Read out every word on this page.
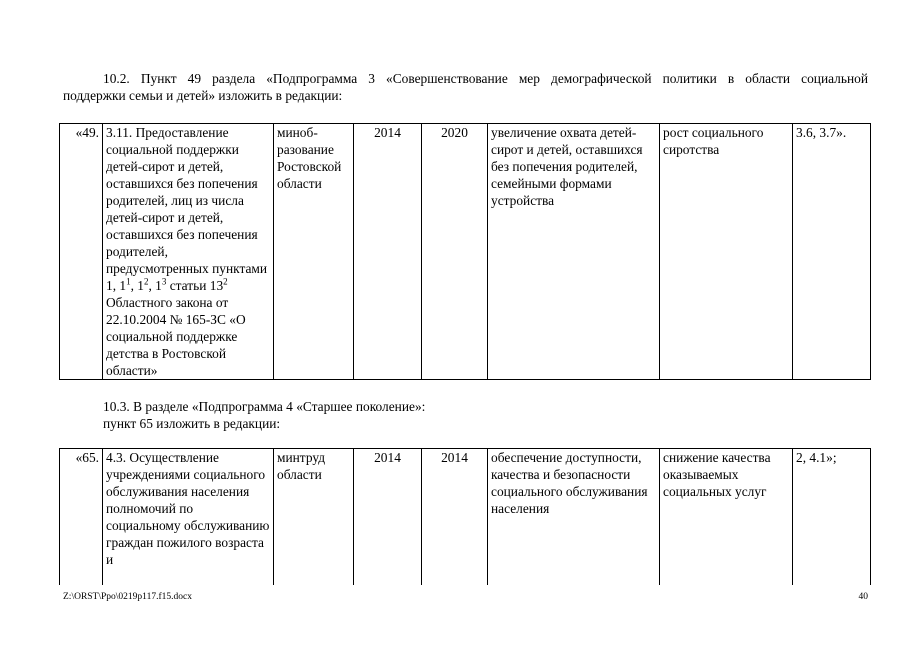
10.2. Пункт 49 раздела «Подпрограмма 3 «Совершенствование мер демографической политики в области социальной
поддержки семьи и детей» изложить в редакции:
«49.	3.11. Предоставление социальной поддержки детей-сирот и детей, оставшихся без попечения родителей, лиц из числа детей-сирот и детей, оставшихся без попечения родителей, предусмотренных пунктами 1, $1^1$, $1^2$, $1^3$ статьи $13^2$ Областного закона от 22.10.2004 № 165-ЗС «О социальной поддержке детства в Ростовской области»	миноб-разование Ростовской области	2014	2020	увеличение охвата детей-сирот и детей, оставшихся без попечения родителей, семейными формами устройства	рост социального сиротства	3.6, 3.7».
10.3. В разделе «Подпрограмма 4 «Старшее поколение»:
пункт 65 изложить в редакции:
«65.	4.3. Осуществление учреждениями социального обслуживания населения полномочий по социальному обслуживанию граждан пожилого возраста и	минтруд области	2014	2014	обеспечение доступности, качества и безопасности социального обслуживания населения	снижение качества оказываемых социальных услуг	2, 4.1»;
Z:\ORST\Ppo\0219p117.f15.docx	40
